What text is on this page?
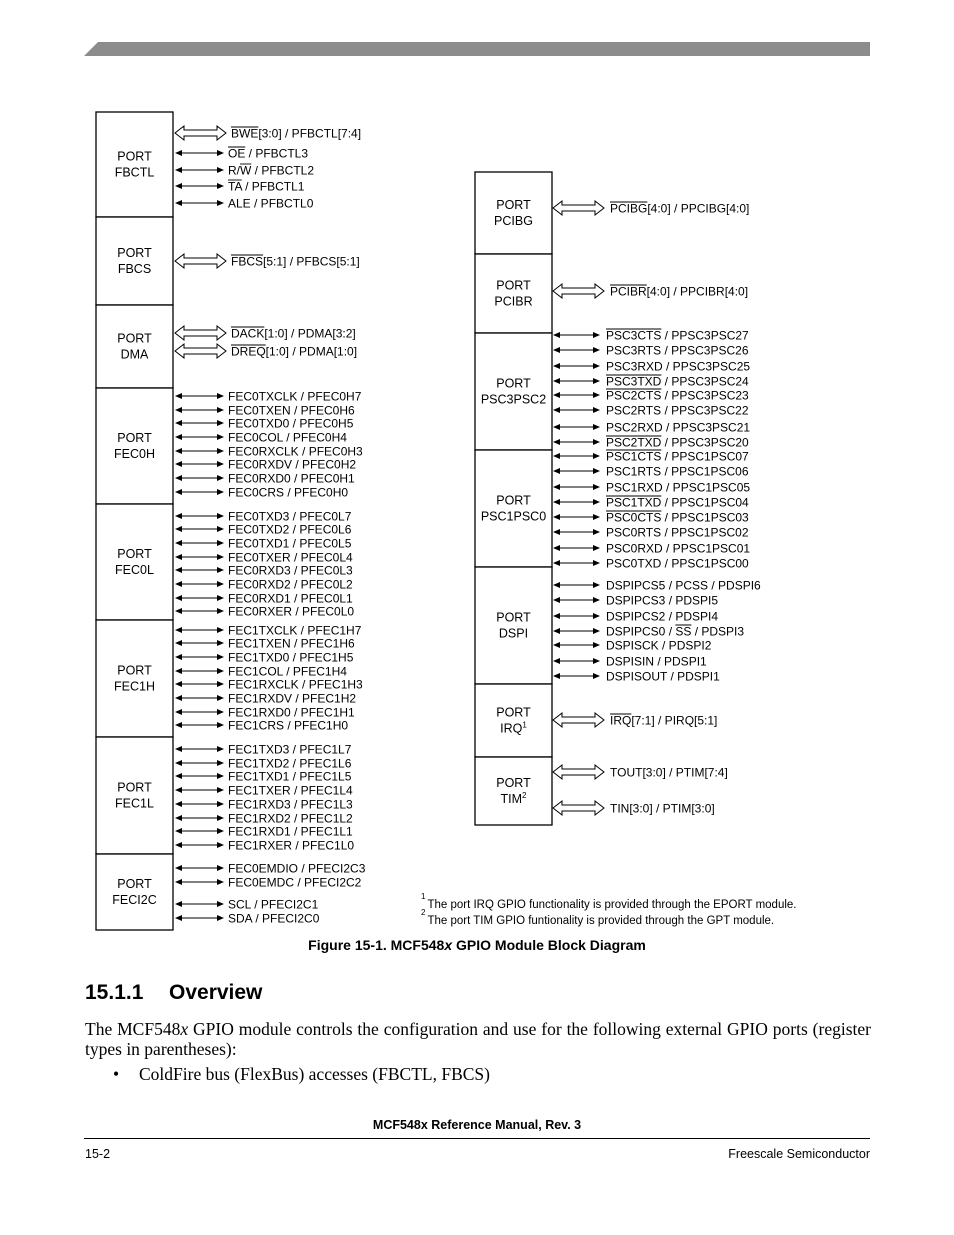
PORT
FBCTL
BWE[3:0] / PFBCTL[7:4]
OE / PFBCTL3
R/W / PFBCTL2
TA / PFBCTL1
ALE / PFBCTL0
PORT
FBCS
FBCS[5:1] / PFBCS[5:1]
PORT
DMA
DACK[1:0] / PDMA[3:2]
DREQ[1:0] / PDMA[1:0]
PORT
FEC0H
FEC0TXCLK / PFEC0H7
FEC0TXEN / PFEC0H6
FEC0TXD0 / PFEC0H5
FEC0COL / PFEC0H4
FEC0RXCLK / PFEC0H3
FEC0RXDV / PFEC0H2
FEC0RXD0 / PFEC0H1
FEC0CRS / PFEC0H0
PORT
FEC0L
FEC0TXD3 / PFEC0L7
FEC0TXD2 / PFEC0L6
FEC0TXD1 / PFEC0L5
FEC0TXER / PFEC0L4
FEC0RXD3 / PFEC0L3
FEC0RXD2 / PFEC0L2
FEC0RXD1 / PFEC0L1
FEC0RXER / PFEC0L0
PORT
FEC1H
FEC1TXCLK / PFEC1H7
FEC1TXEN / PFEC1H6
FEC1TXD0 / PFEC1H5
FEC1COL / PFEC1H4
FEC1RXCLK / PFEC1H3
FEC1RXDV / PFEC1H2
FEC1RXD0 / PFEC1H1
FEC1CRS / PFEC1H0
PORT
FEC1L
FEC1TXD3 / PFEC1L7
FEC1TXD2 / PFEC1L6
FEC1TXD1 / PFEC1L5
FEC1TXER / PFEC1L4
FEC1RXD3 / PFEC1L3
FEC1RXD2 / PFEC1L2
FEC1RXD1 / PFEC1L1
FEC1RXER / PFEC1L0
PORT
FECI2C
FEC0EMDIO / PFECI2C3
FEC0EMDC / PFECI2C2
SCL / PFECI2C1
SDA / PFECI2C0
PORT
PCIBG
PCIBG[4:0] / PPCIBG[4:0]
PORT
PCIBR
PCIBR[4:0] / PPCIBR[4:0]
PORT
PSC3PSC2
PSC3CTS / PPSC3PSC27
PSC3RTS / PPSC3PSC26
PSC3RXD / PPSC3PSC25
PSC3TXD / PPSC3PSC24
PSC2CTS / PPSC3PSC23
PSC2RTS / PPSC3PSC22
PSC2RXD / PPSC3PSC21
PSC2TXD / PPSC3PSC20
PORT
PSC1PSC0
PSC1CTS / PPSC1PSC07
PSC1RTS / PPSC1PSC06
PSC1RXD / PPSC1PSC05
PSC1TXD / PPSC1PSC04
PSC0CTS / PPSC1PSC03
PSC0RTS / PPSC1PSC02
PSC0RXD / PPSC1PSC01
PSC0TXD / PPSC1PSC00
PORT
DSPI
DSPIPCS5 / PCSS / PDSPI6
DSPIPCS3 / PDSPI5
DSPIPCS2 / PDSPI4
DSPIPCS0 / SS / PDSPI3
DSPISCK / PDSPI2
DSPISIN / PDSPI1
DSPISOUT / PDSPI1
PORT
IRQ$^1$	IRQ[7:1] / PIRQ[5:1]
PORT
TIM$^2$
TOUT[3:0] / PTIM[7:4]
TIN[3:0] / PTIM[3:0]
$^1$The port IRQ GPIO functionality is provided through the EPORT module.
$^2$The port TIM GPIO funtionality is provided through the GPT module.
Figure 15-1. MCF548x GPIO Module Block Diagram
15.1.1 Overview
The MCF548x GPIO module controls the configuration and use for the following external GPIO ports (register types in parentheses):
• ColdFire bus (FlexBus) accesses (FBCTL, FBCS)
MCF548x Reference Manual, Rev. 3
15-2	Freescale Semiconductor
